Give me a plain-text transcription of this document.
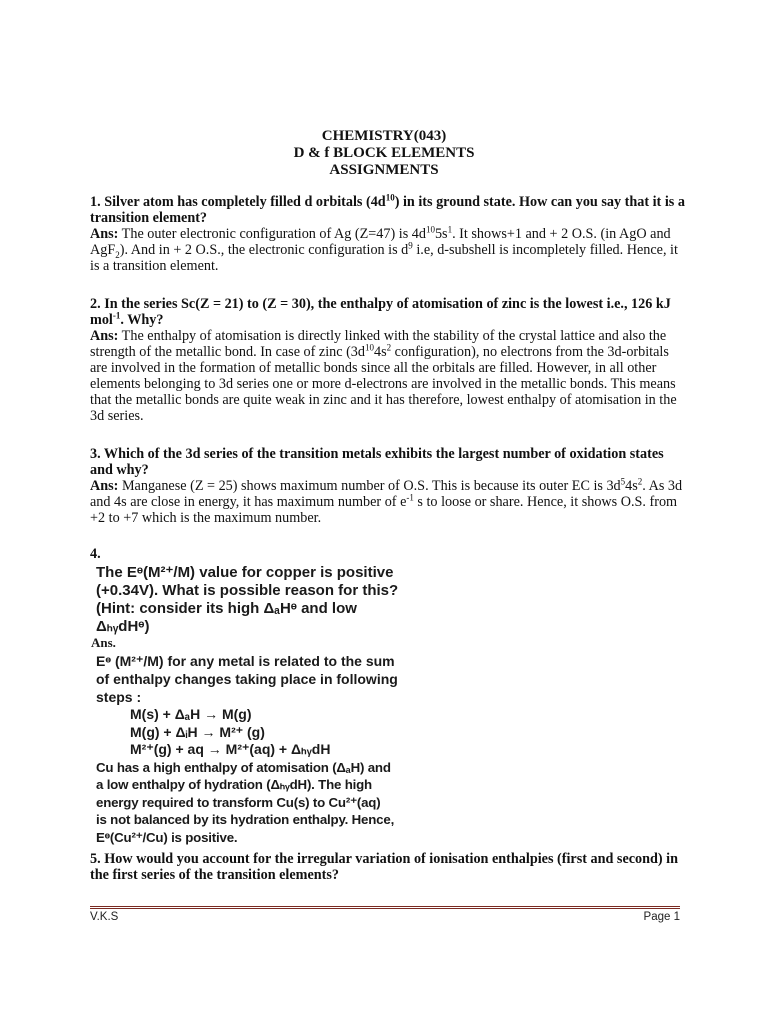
CHEMISTRY(043)
D & f BLOCK ELEMENTS
ASSIGNMENTS
1. Silver atom has completely filled d orbitals $(4d^{10})$ in its ground state. How can you say that it is a transition element?
Ans: The outer electronic configuration of Ag (Z=47) is $4d^{10}5s^1$. It shows+1 and + 2 O.S. (in AgO and AgF$_2$). And in + 2 O.S., the electronic configuration is $d^9$ i.e, d-subshell is incompletely filled. Hence, it is a transition element.
2. In the series Sc(Z = 21) to (Z = 30), the enthalpy of atomisation of zinc is the lowest i.e., 126 kJ mol$^{-1}$. Why?
Ans: The enthalpy of atomisation is directly linked with the stability of the crystal lattice and also the strength of the metallic bond. In case of zinc ($3d^{10}4s^2$ configuration), no electrons from the 3d-orbitals are involved in the formation of metallic bonds since all the orbitals are filled. However, in all other elements belonging to 3d series one or more d-electrons are involved in the metallic bonds. This means that the metallic bonds are quite weak in zinc and it has therefore, lowest enthalpy of atomisation in the 3d series.
3. Which of the 3d series of the transition metals exhibits the largest number of oxidation states and why?
Ans: Manganese (Z = 25) shows maximum number of O.S. This is because its outer EC is $3d^54s^2$. As 3d and 4s are close in energy, it has maximum number of $e^{-1}$ s to loose or share. Hence, it shows O.S. from +2 to +7 which is the maximum number.
4.
The Eᶱ(M²⁺/M) value for copper is positive
(+0.34V). What is possible reason for this?
(Hint: consider its high ΔₐHᶱ and low ΔₕᵧdHᶱ)
Ans.
Eᶱ (M²⁺/M) for any metal is related to the sum
of enthalpy changes taking place in following
steps :
M(s) + ΔₐH → M(g)
M(g) + ΔᵢH → M²⁺ (g)
M²⁺(g) + aq → M²⁺(aq) + ΔₕᵧdH
Cu has a high enthalpy of atomisation (ΔₐH) and
a low enthalpy of hydration (ΔₕᵧdH). The high
energy required to transform Cu(s) to Cu²⁺(aq)
is not balanced by its hydration enthalpy. Hence,
Eᶱ(Cu²⁺/Cu) is positive.
5. How would you account for the irregular variation of ionisation enthalpies (first and second) in the first series of the transition elements?
V.K.S	Page 1
